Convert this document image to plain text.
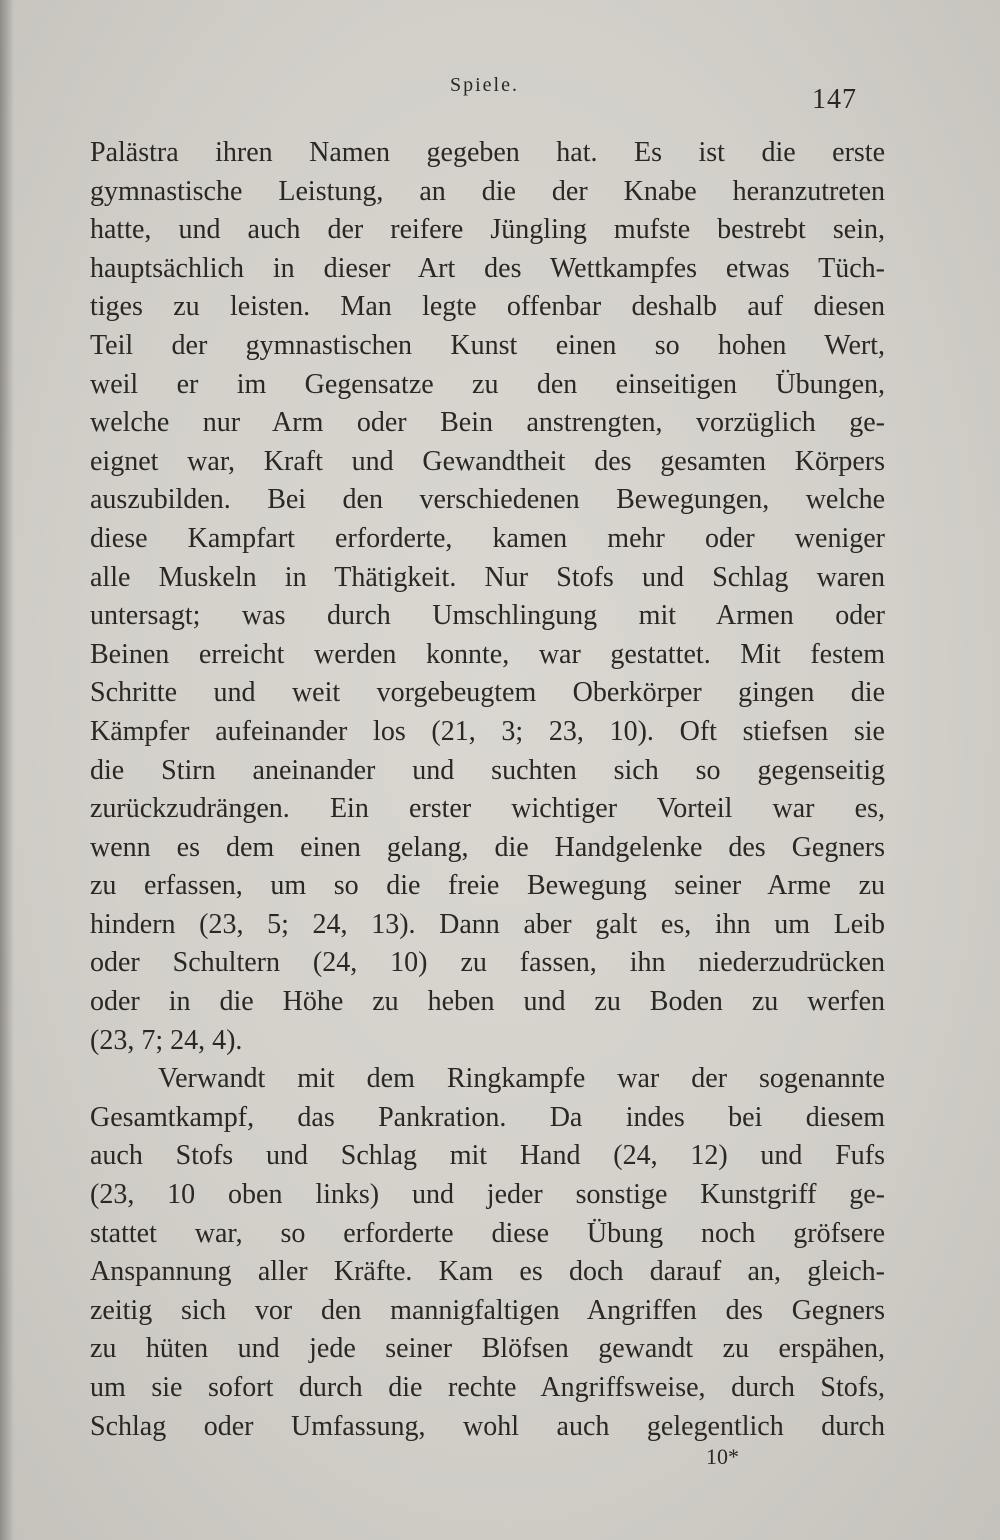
Spiele.	147
Palästra ihren Namen gegeben hat. Es ist die erste
gymnastische Leistung, an die der Knabe heranzutreten
hatte, und auch der reifere Jüngling mufste bestrebt sein,
hauptsächlich in dieser Art des Wettkampfes etwas Tüch-
tiges zu leisten. Man legte offenbar deshalb auf diesen
Teil der gymnastischen Kunst einen so hohen Wert,
weil er im Gegensatze zu den einseitigen Übungen,
welche nur Arm oder Bein anstrengten, vorzüglich ge-
eignet war, Kraft und Gewandtheit des gesamten Körpers
auszubilden. Bei den verschiedenen Bewegungen, welche
diese Kampfart erforderte, kamen mehr oder weniger
alle Muskeln in Thätigkeit. Nur Stofs und Schlag waren
untersagt; was durch Umschlingung mit Armen oder
Beinen erreicht werden konnte, war gestattet. Mit festem
Schritte und weit vorgebeugtem Oberkörper gingen die
Kämpfer aufeinander los (21, 3; 23, 10). Oft stiefsen sie
die Stirn aneinander und suchten sich so gegenseitig
zurückzudrängen. Ein erster wichtiger Vorteil war es,
wenn es dem einen gelang, die Handgelenke des Gegners
zu erfassen, um so die freie Bewegung seiner Arme zu
hindern (23, 5; 24, 13). Dann aber galt es, ihn um Leib
oder Schultern (24, 10) zu fassen, ihn niederzudrücken
oder in die Höhe zu heben und zu Boden zu werfen
(23, 7; 24, 4).
Verwandt mit dem Ringkampfe war der sogenannte
Gesamtkampf, das Pankration. Da indes bei diesem
auch Stofs und Schlag mit Hand (24, 12) und Fufs
(23, 10 oben links) und jeder sonstige Kunstgriff ge-
stattet war, so erforderte diese Übung noch gröfsere
Anspannung aller Kräfte. Kam es doch darauf an, gleich-
zeitig sich vor den mannigfaltigen Angriffen des Gegners
zu hüten und jede seiner Blöfsen gewandt zu erspähen,
um sie sofort durch die rechte Angriffsweise, durch Stofs,
Schlag oder Umfassung, wohl auch gelegentlich durch
10*
